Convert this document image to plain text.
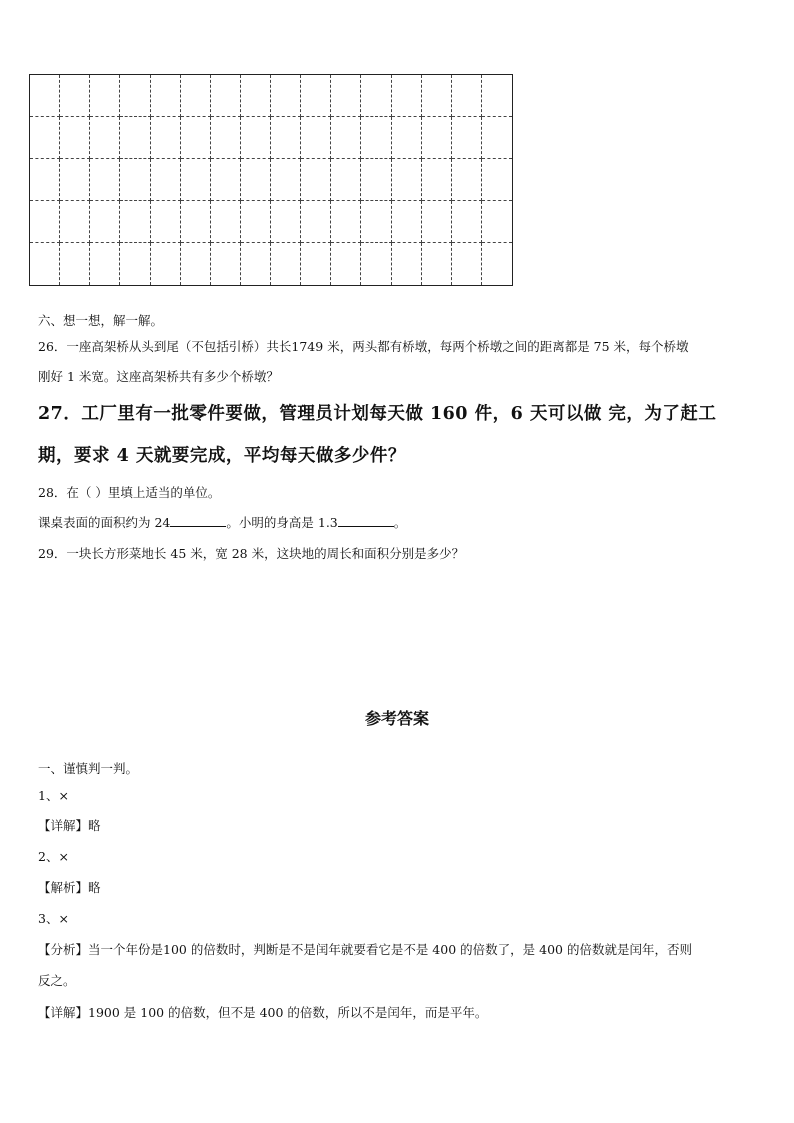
六、想一想，解一解。
26．一座高架桥从头到尾（不包括引桥）共长1749 米，两头都有桥墩，每两个桥墩之间的距离都是 75 米，每个桥墩
刚好 1 米宽。这座高架桥共有多少个桥墩？
27．工厂里有一批零件要做，管理员计划每天做 160 件，6 天可以做 完，为了赶工
期，要求 4 天就要完成，平均每天做多少件？
28．在（ ）里填上适当的单位。
课桌表面的面积约为 24	。小明的身高是 1.3	。
29．一块长方形菜地长 45 米，宽 28 米，这块地的周长和面积分别是多少？
参考答案
一、谨慎判一判。
1、×
【详解】略
2、×
【解析】略
3、×
【分析】当一个年份是100 的倍数时，判断是不是闰年就要看它是不是 400 的倍数了，是 400 的倍数就是闰年，否则
反之。
【详解】1900 是 100 的倍数，但不是 400 的倍数，所以不是闰年，而是平年。
